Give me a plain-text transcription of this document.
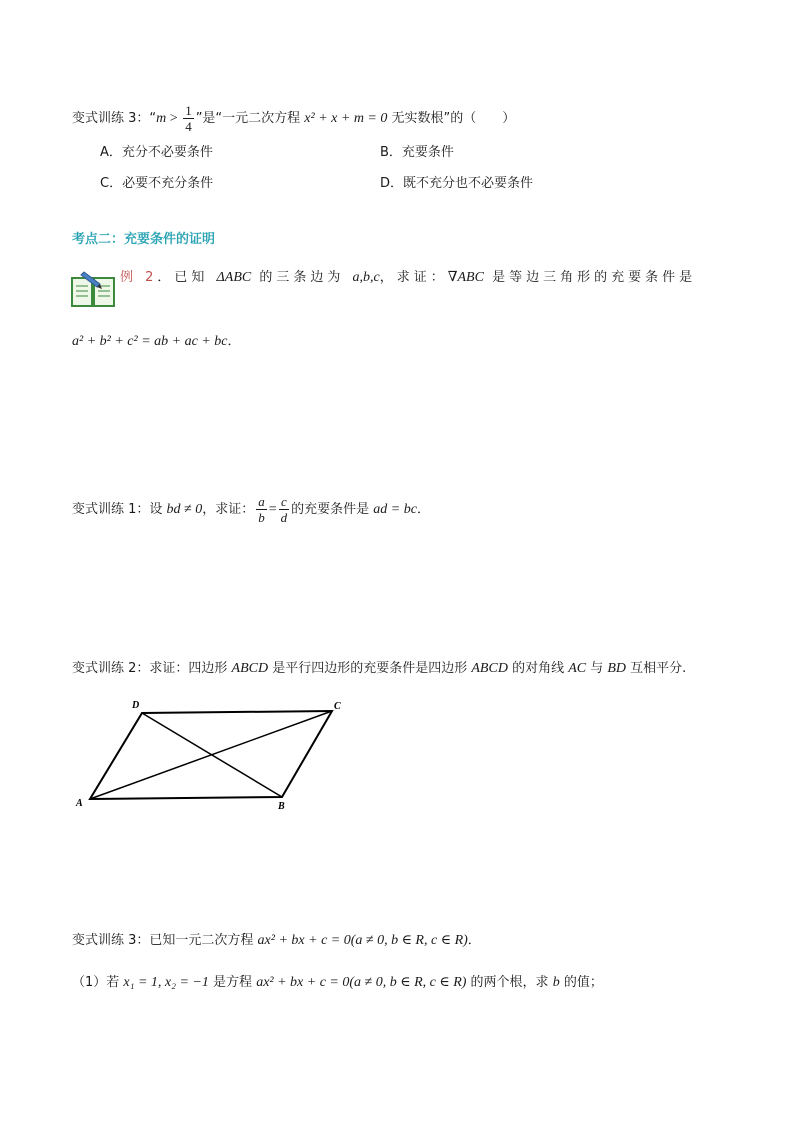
变式训练 3：“$m > \frac{1}{4}$ ”是“一元二次方程 x² + x + m = 0 无实数根”的（　　）
A．充分不必要条件	B．充要条件
C．必要不充分条件	D．既不充分也不必要条件
考点二：充要条件的证明
例 2．已知 ΔABC 的三条边为 a,b,c，求证：∇ABC 是等边三角形的充要条件是
a² + b² + c² = ab + ac + bc．
变式训练 1：设 bd ≠ 0，求证： $\frac{a}{b} = \frac{c}{d}$ 的充要条件是 ad = bc．
变式训练 2：求证：四边形 ABCD 是平行四边形的充要条件是四边形 ABCD 的对角线 AC 与 BD 互相平分.
A	B
C
D
变式训练 3：已知一元二次方程 ax² + bx + c = 0(a ≠ 0, b ∈ R, c ∈ R)．
（1）若 x₁ = 1, x₂ = −1 是方程 ax² + bx + c = 0(a ≠ 0, b ∈ R, c ∈ R) 的两个根，求 b 的值；
